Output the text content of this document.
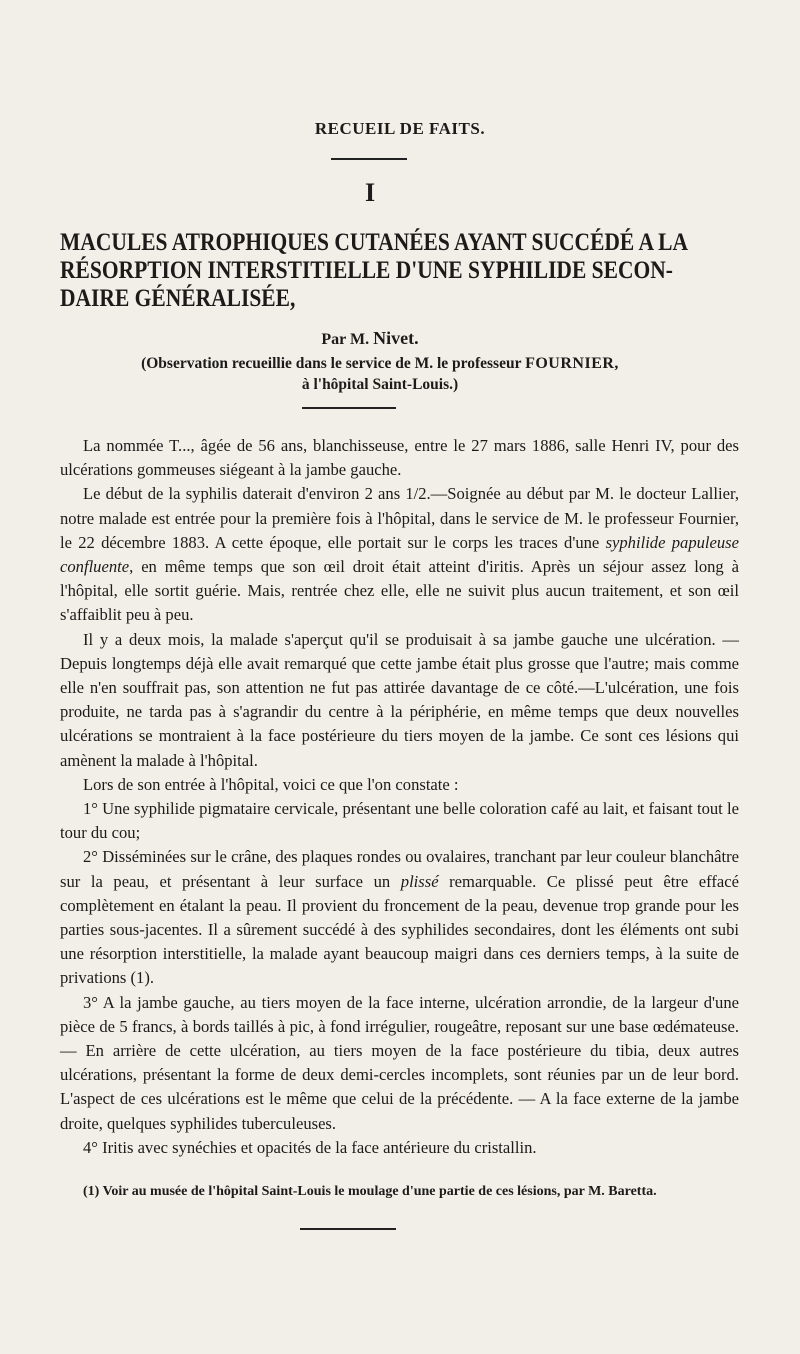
RECUEIL DE FAITS.
I
MACULES ATROPHIQUES CUTANÉES AYANT SUCCÉDÉ A LA
RÉSORPTION INTERSTITIELLE D'UNE SYPHILIDE SECON-
DAIRE GÉNÉRALISÉE,
Par M. Nivet.
(Observation recueillie dans le service de M. le professeur FOURNIER,
à l'hôpital Saint-Louis.)

La nommée T..., âgée de 56 ans, blanchisseuse, entre le 27 mars 1886, salle Henri IV, pour des ulcérations gommeuses siégeant à la jambe gauche.

Le début de la syphilis daterait d'environ 2 ans 1/2.—Soignée au début par M. le docteur Lallier, notre malade est entrée pour la première fois à l'hôpital, dans le service de M. le professeur Fournier, le 22 décembre 1883. A cette époque, elle portait sur le corps les traces d'une syphilide papuleuse confluente, en même temps que son œil droit était atteint d'iritis. Après un séjour assez long à l'hôpital, elle sortit guérie. Mais, rentrée chez elle, elle ne suivit plus aucun traitement, et son œil s'affaiblit peu à peu.

Il y a deux mois, la malade s'aperçut qu'il se produisait à sa jambe gauche une ulcération. — Depuis longtemps déjà elle avait remarqué que cette jambe était plus grosse que l'autre; mais comme elle n'en souffrait pas, son attention ne fut pas attirée davantage de ce côté.—L'ulcération, une fois produite, ne tarda pas à s'agrandir du centre à la périphérie, en même temps que deux nouvelles ulcérations se montraient à la face postérieure du tiers moyen de la jambe. Ce sont ces lésions qui amènent la malade à l'hôpital.

Lors de son entrée à l'hôpital, voici ce que l'on constate :

1° Une syphilide pigmataire cervicale, présentant une belle coloration café au lait, et faisant tout le tour du cou;

2° Disséminées sur le crâne, des plaques rondes ou ovalaires, tranchant par leur couleur blanchâtre sur la peau, et présentant à leur surface un plissé remarquable. Ce plissé peut être effacé complètement en étalant la peau. Il provient du froncement de la peau, devenue trop grande pour les parties sous-jacentes. Il a sûrement succédé à des syphilides secondaires, dont les éléments ont subi une résorption interstitielle, la malade ayant beaucoup maigri dans ces derniers temps, à la suite de privations (1).

3° A la jambe gauche, au tiers moyen de la face interne, ulcération arrondie, de la largeur d'une pièce de 5 francs, à bords taillés à pic, à fond irrégulier, rougeâtre, reposant sur une base œdémateuse. — En arrière de cette ulcération, au tiers moyen de la face postérieure du tibia, deux autres ulcérations, présentant la forme de deux demi-cercles incomplets, sont réunies par un de leur bord. L'aspect de ces ulcérations est le même que celui de la précédente. — A la face externe de la jambe droite, quelques syphilides tuberculeuses.

4° Iritis avec synéchies et opacités de la face antérieure du cristallin.

(1) Voir au musée de l'hôpital Saint-Louis le moulage d'une partie de ces lésions, par M. Baretta.
